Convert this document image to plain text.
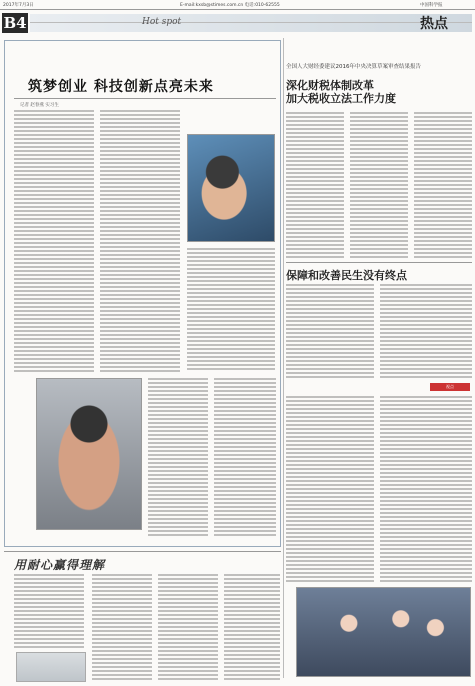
2017年7月3日	E-mail:kxsb@stimes.com.cn 电话:010-62555	中国科学报
B4	Hot spot	热点
筑梦创业 科技创新点亮未来
记者 赵春燕 实习生
全国人大财经委建议2016年中央决算草案审查结果报告
深化财税体制改革
加大税收立法工作力度
保障和改善民生没有终点
视点
用耐心赢得理解
